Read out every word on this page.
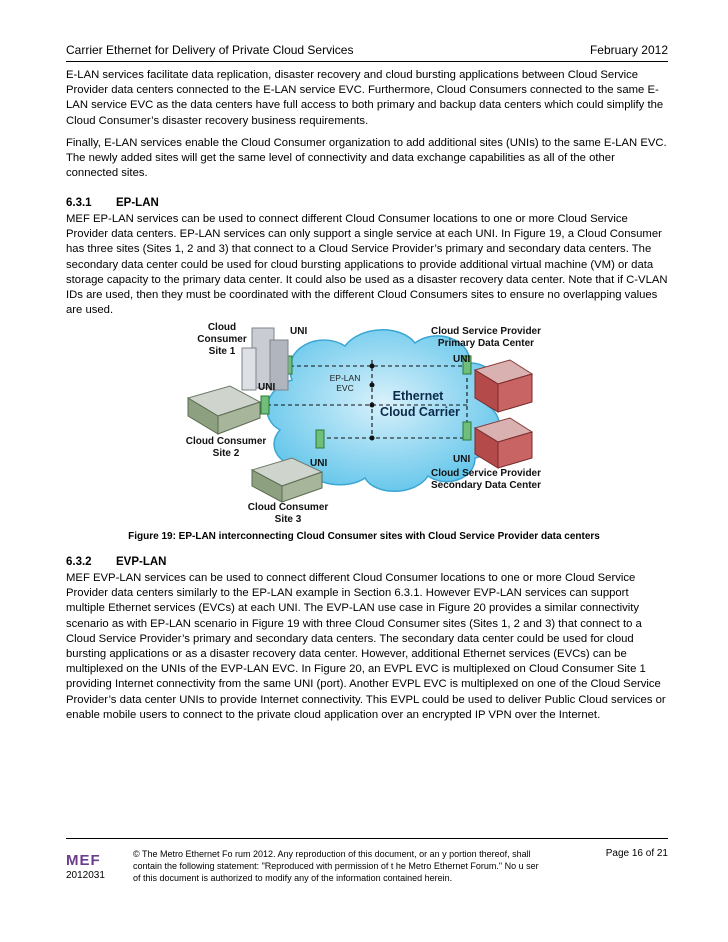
Carrier Ethernet for Delivery of Private Cloud Services	February 2012

E-LAN services facilitate data replication, disaster recovery and cloud bursting applications between Cloud Service Provider data centers connected to the E-LAN service EVC. Furthermore, Cloud Consumers connected to the same E-LAN service EVC as the data centers have full access to both primary and backup data centers which could simplify the Cloud Consumer’s disaster recovery business requirements.

Finally, E-LAN services enable the Cloud Consumer organization to add additional sites (UNIs) to the same E-LAN EVC. The newly added sites will get the same level of connectivity and data exchange capabilities as all of the other connected sites.

6.3.1 EP-LAN

MEF EP-LAN services can be used to connect different Cloud Consumer locations to one or more Cloud Service Provider data centers. EP-LAN services can only support a single service at each UNI. In Figure 19, a Cloud Consumer has three sites (Sites 1, 2 and 3) that connect to a Cloud Service Provider’s primary and secondary data centers. The secondary data center could be used for cloud bursting applications to provide additional virtual machine (VM) or data storage capacity to the primary data center. It could also be used as a disaster recovery data center. Note that if C-VLAN IDs are used, then they must be coordinated with the different Cloud Consumers sites to ensure no overlapping values are used.

Cloud
Consumer
Site 1
Cloud Consumer
Site 2
Cloud Consumer
Site 3
Cloud Service Provider
Primary Data Center
Cloud Service Provider
Secondary Data Center
UNI
UNI
UNI
UNI
UNI
EP-LAN
EVC
Ethernet
Cloud Carrier
Figure 19: EP-LAN interconnecting Cloud Consumer sites with Cloud Service Provider data centers
6.3.2 EVP-LAN

MEF EVP-LAN services can be used to connect different Cloud Consumer locations to one or more Cloud Service Provider data centers similarly to the EP-LAN example in Section 6.3.1. However EVP-LAN services can support multiple Ethernet services (EVCs) at each UNI. The EVP-LAN use case in Figure 20 provides a similar connectivity scenario as with EP-LAN scenario in Figure 19 with three Cloud Consumer sites (Sites 1, 2 and 3) that connect to a Cloud Service Provider’s primary and secondary data centers. The secondary data center could be used for cloud bursting applications or as a disaster recovery data center. However, additional Ethernet services (EVCs) can be multiplexed on the UNIs of the EVP-LAN EVC. In Figure 20, an EVPL EVC is multiplexed on Cloud Consumer Site 1 providing Internet connectivity from the same UNI (port). Another EVPL EVC is multiplexed on one of the Cloud Service Provider’s data center UNIs to provide Internet connectivity. This EVPL could be used to deliver Public Cloud services or enable mobile users to connect to the private cloud application over an encrypted IP VPN over the Internet.

MEF
2012031

© The Metro Ethernet Fo rum 2012. Any reproduction of this document, or an y portion thereof, shall

contain the following statement: "Reproduced with permission of t he Metro Ethernet Forum." No u ser

of this document is authorized to modify any of the information contained herein.

Page 16 of 21
